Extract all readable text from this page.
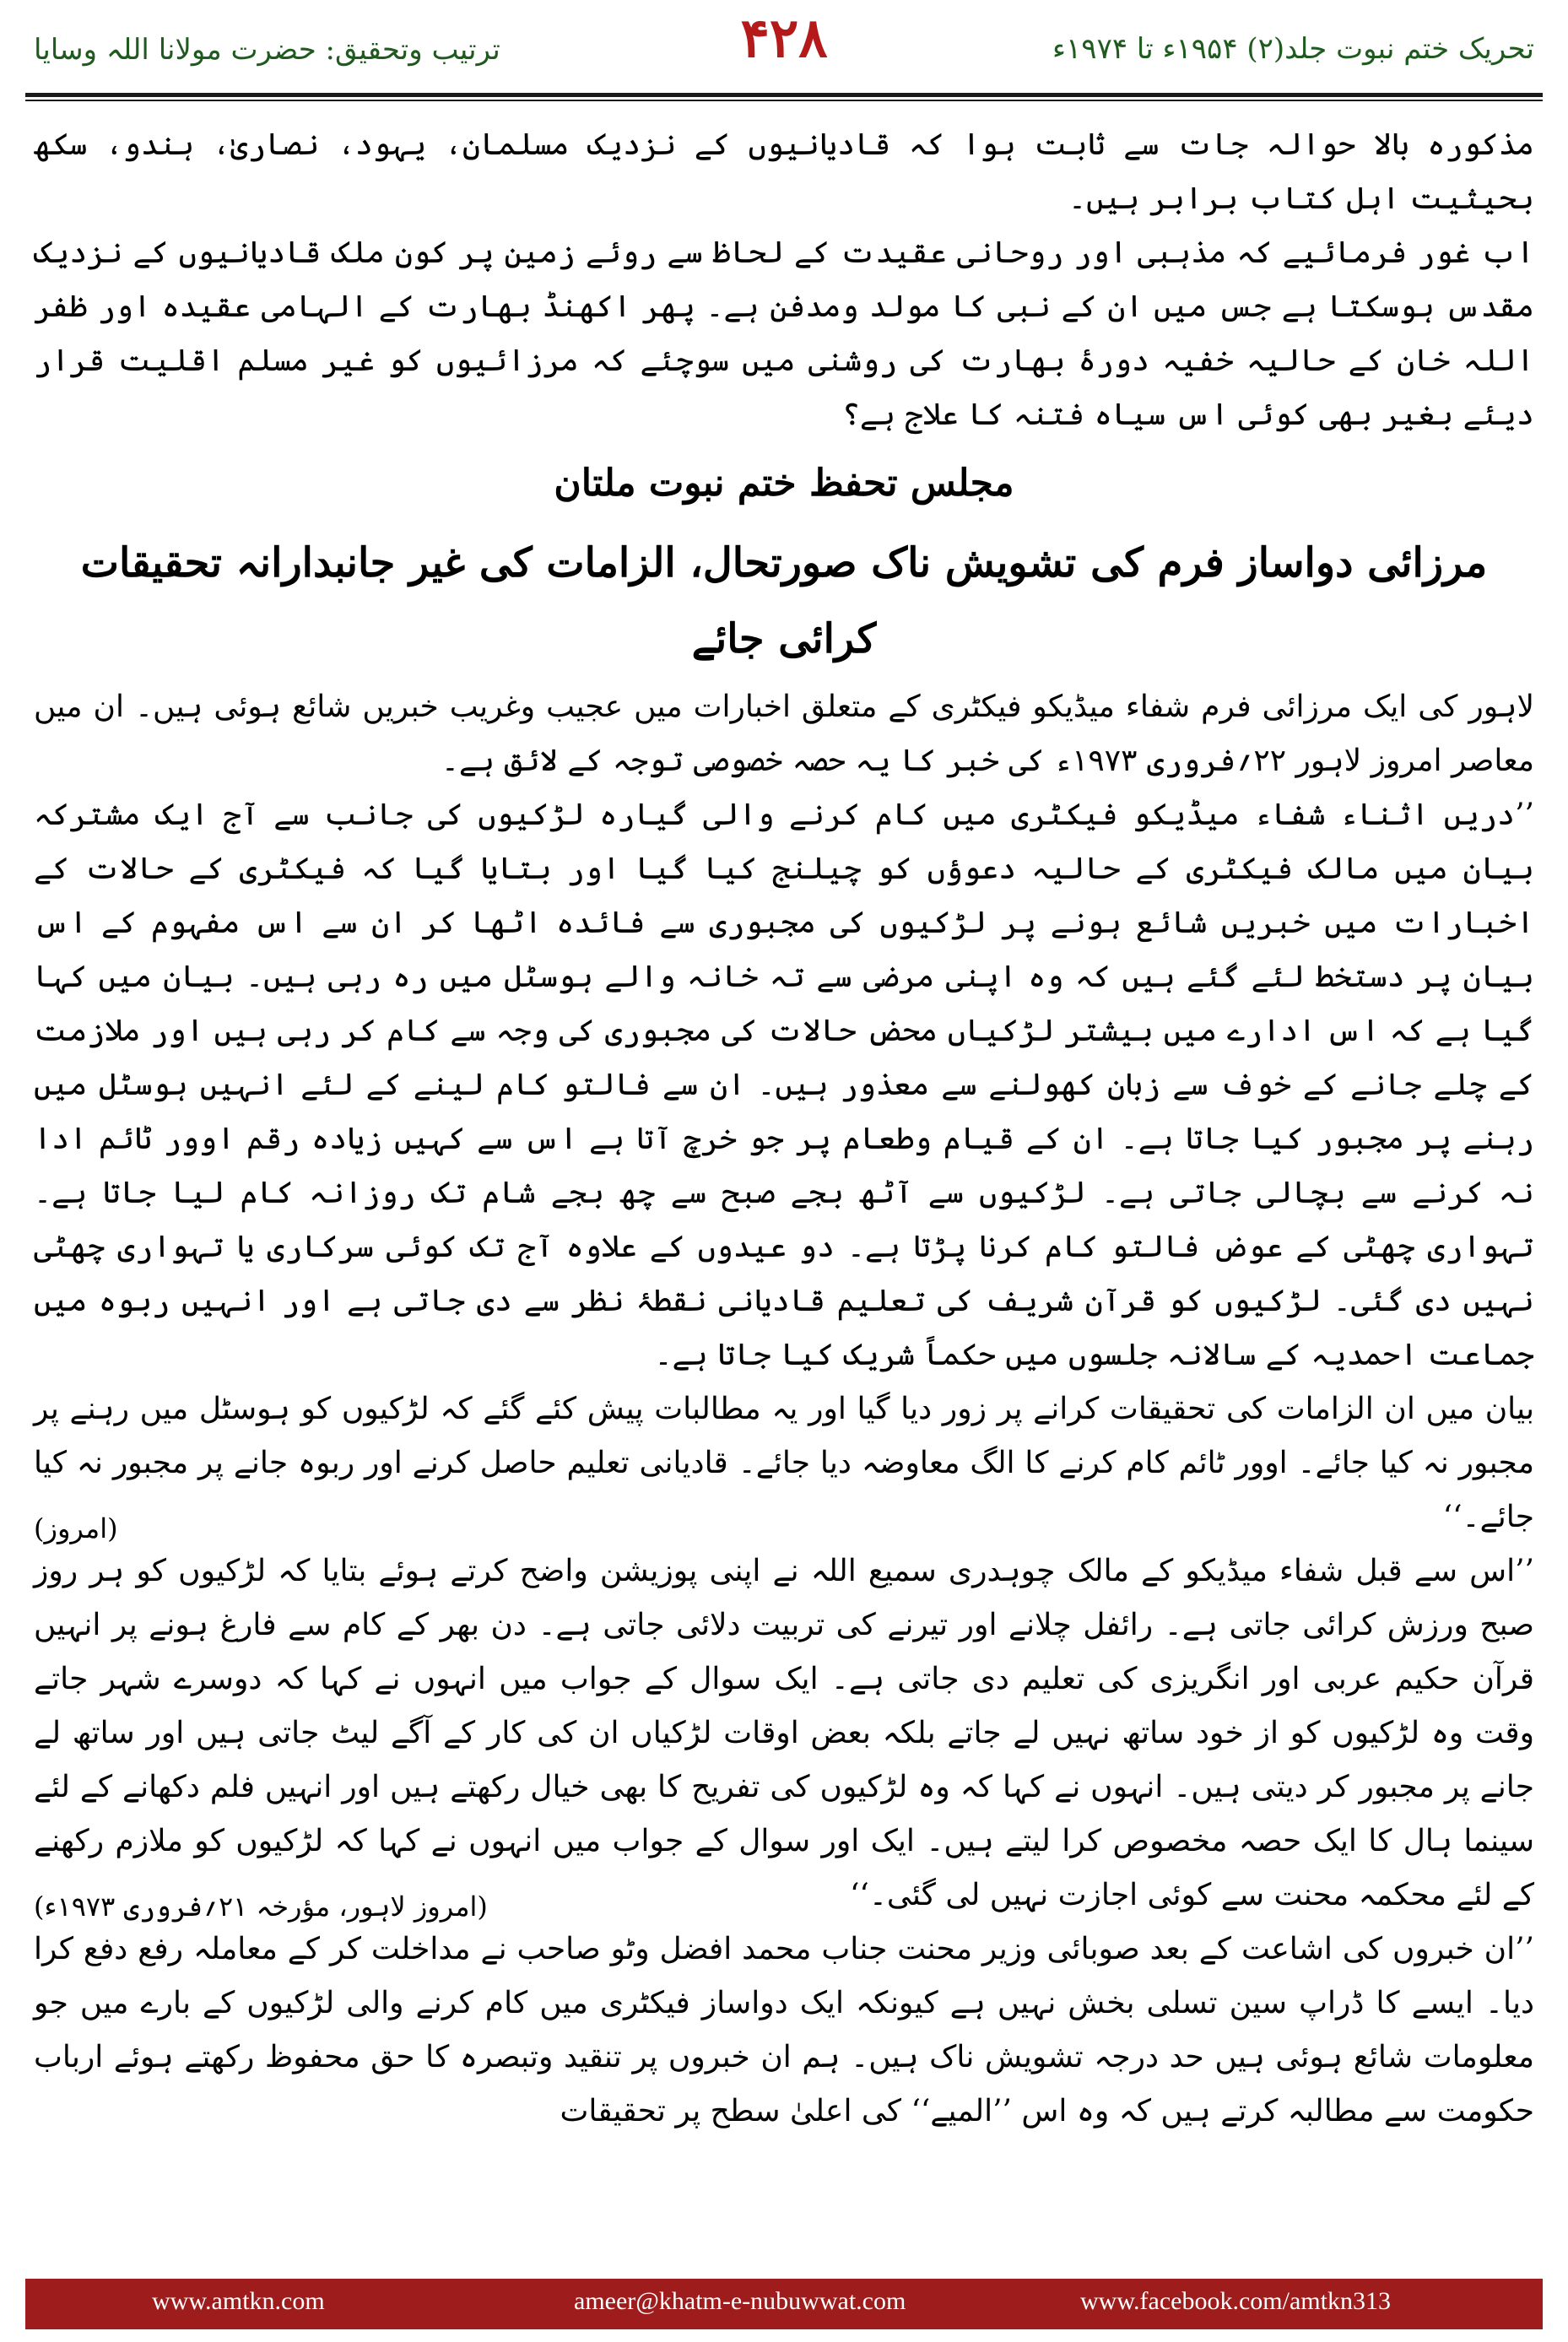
ترتیب وتحقیق: حضرت مولانا اللہ وسایا	۴۲۸	تحریک ختم نبوت جلد(۲) ۱۹۵۴ء تا ۱۹۷۴ء

مذکورہ بالا حوالہ جات سے ثابت ہوا کہ قادیانیوں کے نزدیک مسلمان، یہود، نصاریٰ، ہندو، سکھ بحیثیت اہل کتاب برابر ہیں۔

اب غور فرمائیے کہ مذہبی اور روحانی عقیدت کے لحاظ سے روئے زمین پر کون ملک قادیانیوں کے نزدیک مقدس ہوسکتا ہے جس میں ان کے نبی کا مولد ومدفن ہے۔ پھر اکھنڈ بھارت کے الہامی عقیدہ اور ظفر اللہ خان کے حالیہ خفیہ دورۂ بھارت کی روشنی میں سوچئے کہ مرزائیوں کو غیر مسلم اقلیت قرار دیئے بغیر بھی کوئی اس سیاہ فتنہ کا علاج ہے؟

مجلس تحفظ ختم نبوت ملتان
مرزائی دواساز فرم کی تشویش ناک صورتحال، الزامات کی غیر جانبدارانہ تحقیقات کرائی جائے

لاہور کی ایک مرزائی فرم شفاء میڈیکو فیکٹری کے متعلق اخبارات میں عجیب وغریب خبریں شائع ہوئی ہیں۔ ان میں معاصر امروز لاہور ۲۲؍فروری ۱۹۷۳ء کی خبر کا یہ حصہ خصوصی توجہ کے لائق ہے۔

’’دریں اثناء شفاء میڈیکو فیکٹری میں کام کرنے والی گیارہ لڑکیوں کی جانب سے آج ایک مشترکہ بیان میں مالک فیکٹری کے حالیہ دعوؤں کو چیلنج کیا گیا اور بتایا گیا کہ فیکٹری کے حالات کے اخبارات میں خبریں شائع ہونے پر لڑکیوں کی مجبوری سے فائدہ اٹھا کر ان سے اس مفہوم کے اس بیان پر دستخط لئے گئے ہیں کہ وہ اپنی مرضی سے تہ خانہ والے ہوسٹل میں رہ رہی ہیں۔ بیان میں کہا گیا ہے کہ اس ادارے میں بیشتر لڑکیاں محض حالات کی مجبوری کی وجہ سے کام کر رہی ہیں اور ملازمت کے چلے جانے کے خوف سے زبان کھولنے سے معذور ہیں۔ ان سے فالتو کام لینے کے لئے انہیں ہوسٹل میں رہنے پر مجبور کیا جاتا ہے۔ ان کے قیام وطعام پر جو خرچ آتا ہے اس سے کہیں زیادہ رقم اوور ٹائم ادا نہ کرنے سے بچالی جاتی ہے۔ لڑکیوں سے آٹھ بجے صبح سے چھ بجے شام تک روزانہ کام لیا جاتا ہے۔ تہواری چھٹی کے عوض فالتو کام کرنا پڑتا ہے۔ دو عیدوں کے علاوہ آج تک کوئی سرکاری یا تہواری چھٹی نہیں دی گئی۔ لڑکیوں کو قرآن شریف کی تعلیم قادیانی نقطۂ نظر سے دی جاتی ہے اور انہیں ربوہ میں جماعت احمدیہ کے سالانہ جلسوں میں حکماً شریک کیا جاتا ہے۔

بیان میں ان الزامات کی تحقیقات کرانے پر زور دیا گیا اور یہ مطالبات پیش کئے گئے کہ لڑکیوں کو ہوسٹل میں رہنے پر مجبور نہ کیا جائے۔ اوور ٹائم کام کرنے کا الگ معاوضہ دیا جائے۔ قادیانی تعلیم حاصل کرنے اور ربوہ جانے پر مجبور نہ کیا جائے۔‘‘

(امروز)

’’اس سے قبل شفاء میڈیکو کے مالک چوہدری سمیع اللہ نے اپنی پوزیشن واضح کرتے ہوئے بتایا کہ لڑکیوں کو ہر روز صبح ورزش کرائی جاتی ہے۔ رائفل چلانے اور تیرنے کی تربیت دلائی جاتی ہے۔ دن بھر کے کام سے فارغ ہونے پر انہیں قرآن حکیم عربی اور انگریزی کی تعلیم دی جاتی ہے۔ ایک سوال کے جواب میں انہوں نے کہا کہ دوسرے شہر جاتے وقت وہ لڑکیوں کو از خود ساتھ نہیں لے جاتے بلکہ بعض اوقات لڑکیاں ان کی کار کے آگے لیٹ جاتی ہیں اور ساتھ لے جانے پر مجبور کر دیتی ہیں۔ انہوں نے کہا کہ وہ لڑکیوں کی تفریح کا بھی خیال رکھتے ہیں اور انہیں فلم دکھانے کے لئے سینما ہال کا ایک حصہ مخصوص کرا لیتے ہیں۔ ایک اور سوال کے جواب میں انہوں نے کہا کہ لڑکیوں کو ملازم رکھنے کے لئے محکمہ محنت سے کوئی اجازت نہیں لی گئی۔‘‘

(امروز لاہور، مؤرخہ ۲۱؍فروری ۱۹۷۳ء)

’’ان خبروں کی اشاعت کے بعد صوبائی وزیر محنت جناب محمد افضل وٹو صاحب نے مداخلت کر کے معاملہ رفع دفع کرا دیا۔ ایسے کا ڈراپ سین تسلی بخش نہیں ہے کیونکہ ایک دواساز فیکٹری میں کام کرنے والی لڑکیوں کے بارے میں جو معلومات شائع ہوئی ہیں حد درجہ تشویش ناک ہیں۔ ہم ان خبروں پر تنقید وتبصرہ کا حق محفوظ رکھتے ہوئے ارباب حکومت سے مطالبہ کرتے ہیں کہ وہ اس ’’المیے‘‘ کی اعلیٰ سطح پر تحقیقات

www.amtkn.com	ameer@khatm-e-nubuwwat.com	www.facebook.com/amtkn313
